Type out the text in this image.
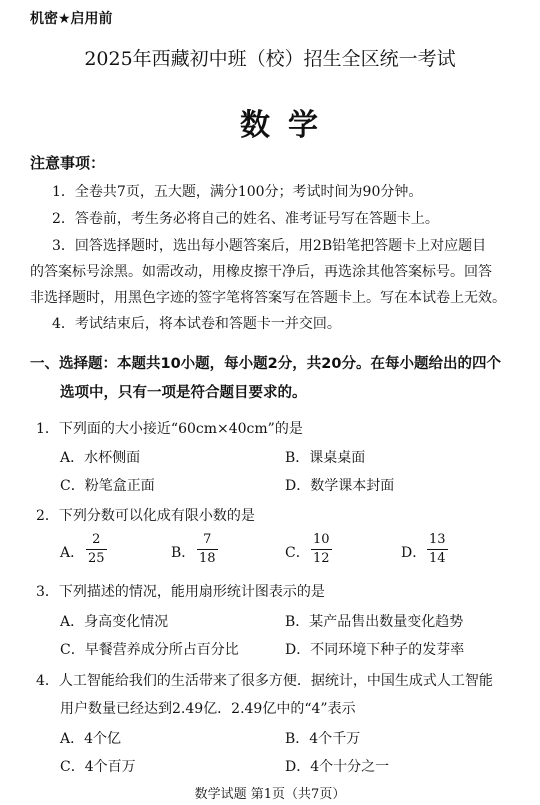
机密★启用前
2025年西藏初中班（校）招生全区统一考试
数学
注意事项：
1．全卷共7页，五大题，满分100分；考试时间为90分钟。
2．答卷前，考生务必将自己的姓名、准考证号写在答题卡上。
3．回答选择题时，选出每小题答案后，用2B铅笔把答题卡上对应题目
的答案标号涂黑。如需改动，用橡皮擦干净后，再选涂其他答案标号。回答
非选择题时，用黑色字迹的签字笔将答案写在答题卡上。写在本试卷上无效。
4．考试结束后，将本试卷和答题卡一并交回。
一、选择题：本题共10小题，每小题2分，共20分。在每小题给出的四个
选项中，只有一项是符合题目要求的。
1．下列面的大小接近“60cm×40cm”的是
A．水杯侧面	B．课桌桌面
C．粉笔盒正面	D．数学课本封面
2．下列分数可以化成有限小数的是
A． $\frac{2}{25}$	B． $\frac{7}{18}$	C． $\frac{10}{12}$	D． $\frac{13}{14}$
3．下列描述的情况，能用扇形统计图表示的是
A．身高变化情况	B．某产品售出数量变化趋势
C．早餐营养成分所占百分比	D．不同环境下种子的发芽率
4．人工智能给我们的生活带来了很多方便．据统计，中国生成式人工智能
用户数量已经达到2.49亿．2.49亿中的“4”表示
A．4个亿	B．4个千万
C．4个百万	D．4个十分之一
数学试题 第1页（共7页）
